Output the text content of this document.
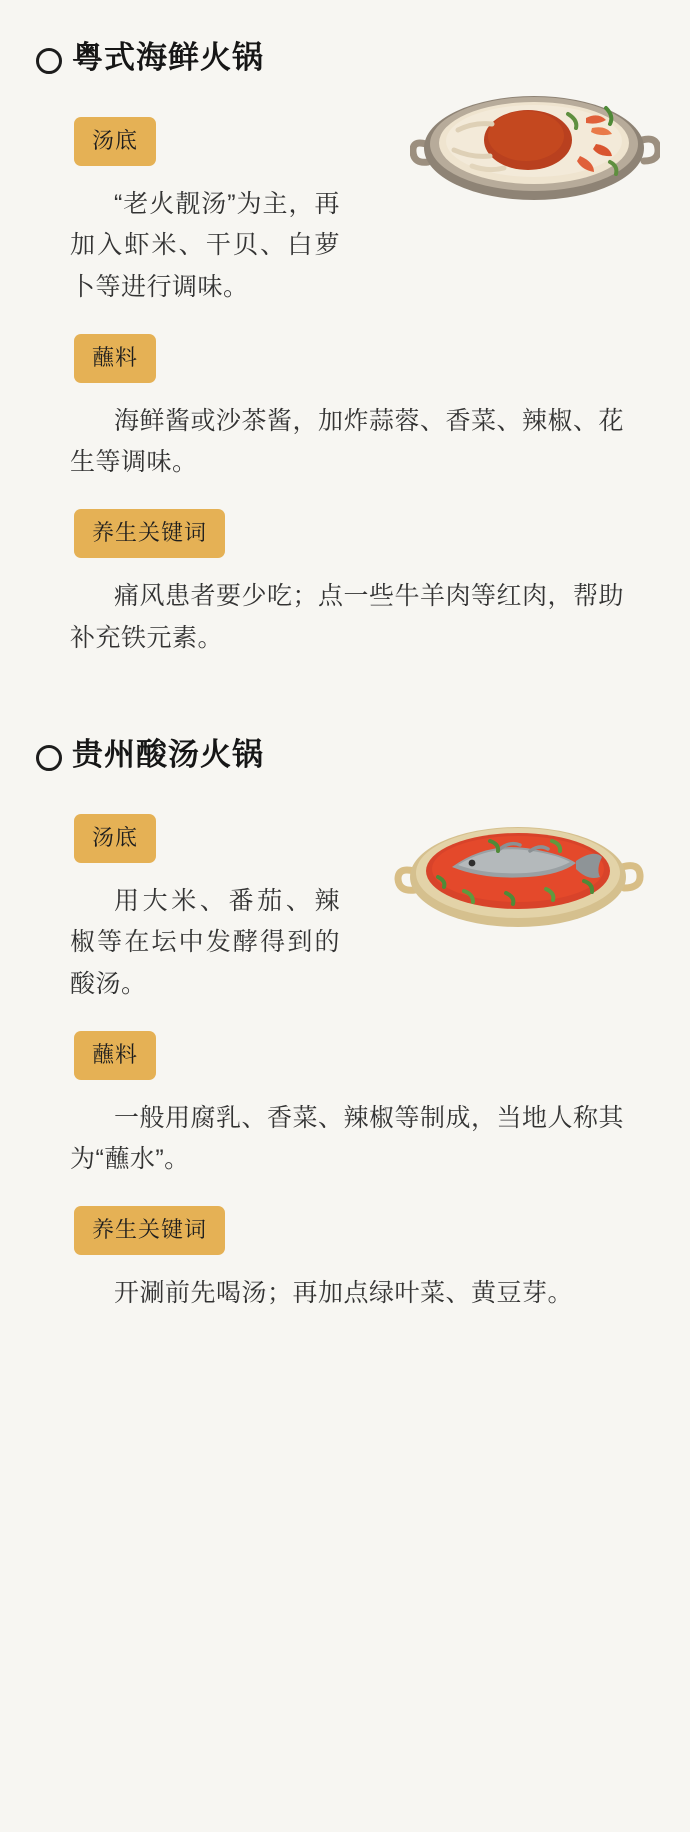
粤式海鲜火锅
汤底

“老火靓汤”为主，再加入虾米、干贝、白萝卜等进行调味。

蘸料

海鲜酱或沙茶酱，加炸蒜蓉、香菜、辣椒、花生等调味。

养生关键词

痛风患者要少吃；点一些牛羊肉等红肉，帮助补充铁元素。

贵州酸汤火锅
汤底

用大米、番茄、辣椒等在坛中发酵得到的酸汤。

蘸料

一般用腐乳、香菜、辣椒等制成，当地人称其为“蘸水”。

养生关键词

开涮前先喝汤；再加点绿叶菜、黄豆芽。
